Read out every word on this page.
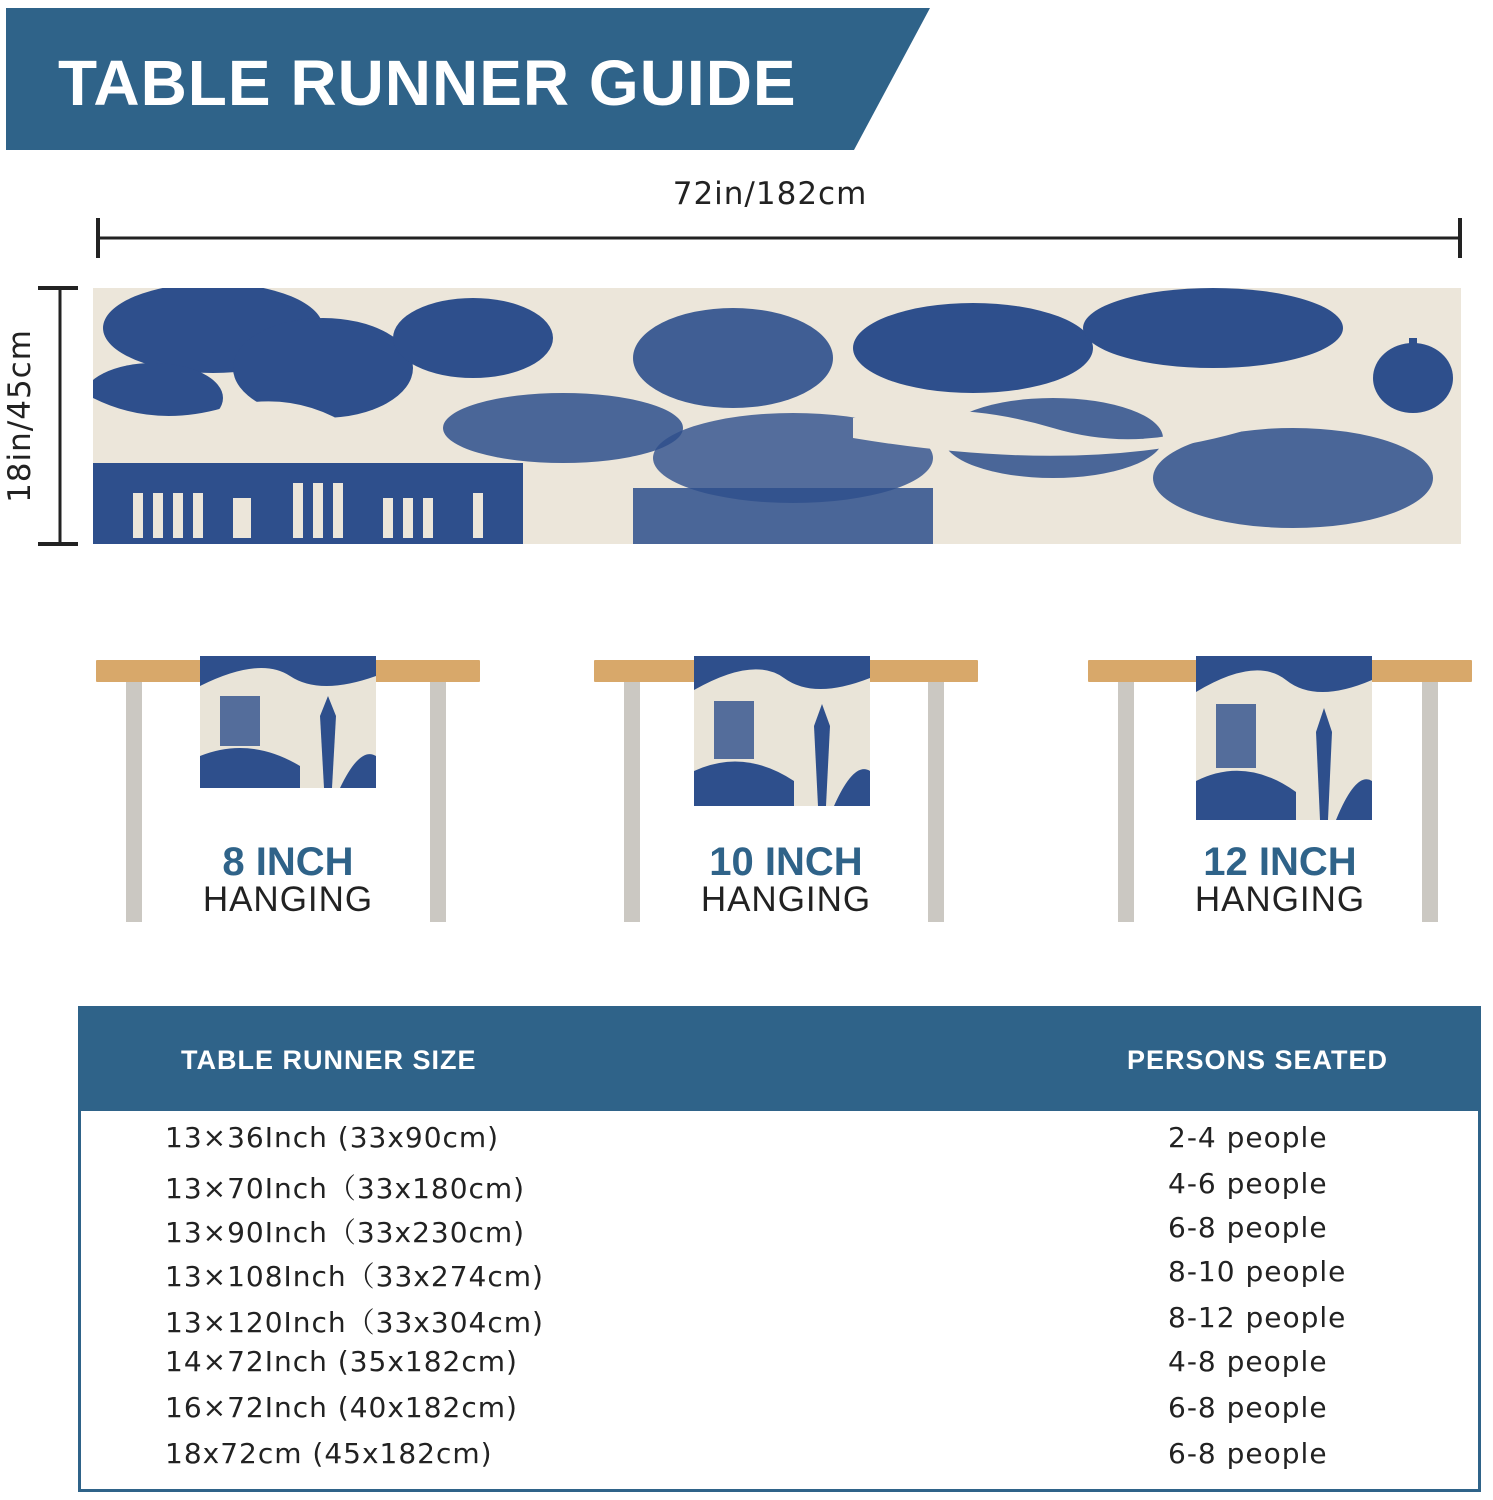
TABLE RUNNER GUIDE
72in/182cm
18in/45cm
8 INCH
HANGING
10 INCH
HANGING
12 INCH
HANGING
TABLE RUNNER SIZE	PERSONS SEATED
13×36Inch (33x90cm)	2-4 people
13×70Inch（33x180cm)	4-6 people
13×90Inch（33x230cm)	6-8 people
13×108Inch（33x274cm)	8-10 people
13×120Inch（33x304cm)	8-12 people
14×72Inch (35x182cm)	4-8 people
16×72Inch (40x182cm)	6-8 people
18x72cm (45x182cm)	6-8 people
